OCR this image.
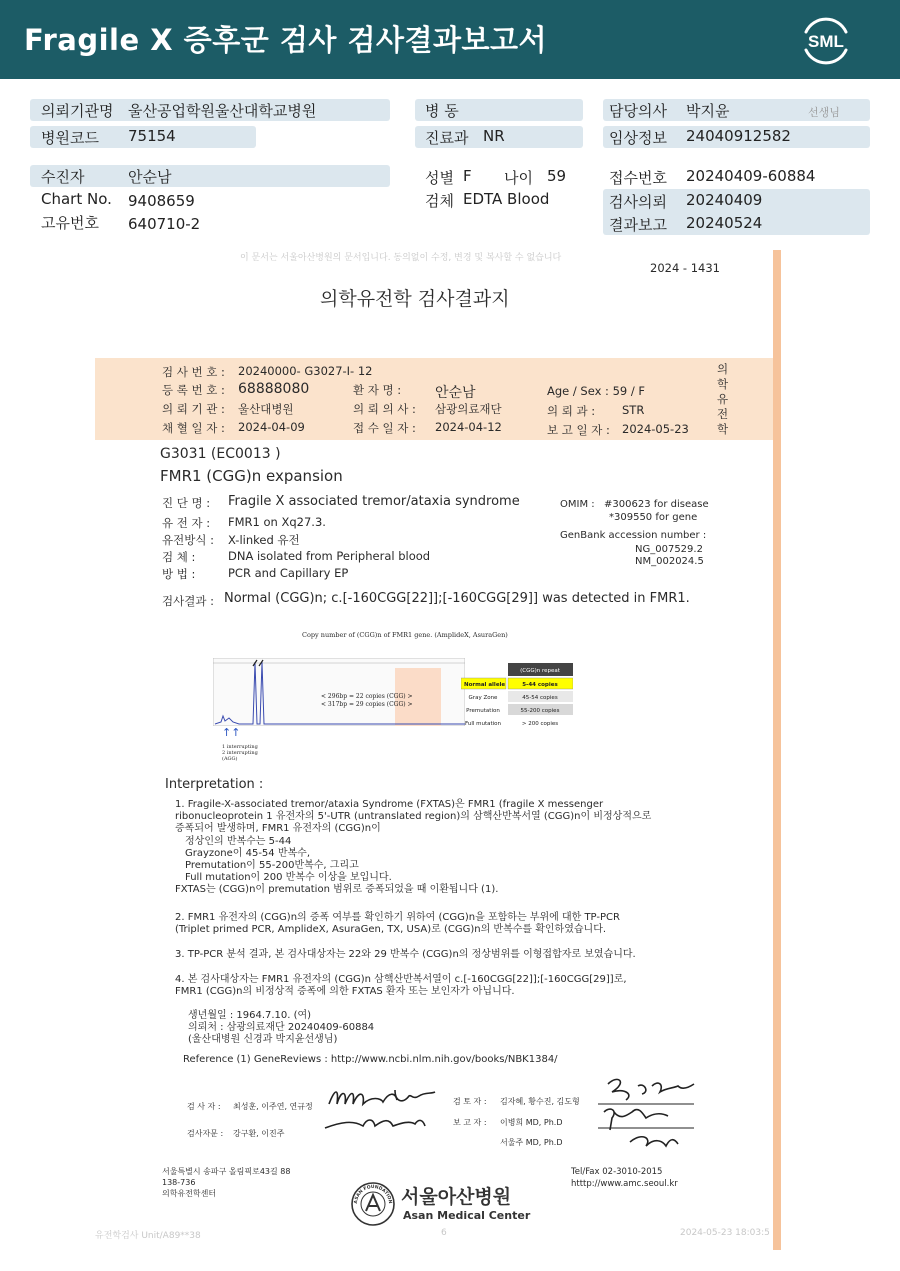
Fragile X 증후군 검사 검사결과보고서	SML
의뢰기관명 울산공업학원울산대학교병원
병원코드 75154
병 동
진료과 NR
담당의사 박지윤	선생님
임상정보 24040912582
수진자	안순남
Chart No. 9408659
고유번호 640710-2
성별 F 나이 59
검체 EDTA Blood
접수번호 20240409-60884
검사의뢰 20240409
결과보고 20240524
이 문서는 서울아산병원의 문서입니다. 동의없이 수정, 변경 및 복사할 수 없습니다
2024 - 1431
의학유전학 검사결과지
검 사 번 호 : 20240000- G3027-I- 12
등 록 번 호 : 68888080	환 자 명 : 안순남	Age / Sex : 59 / F
의 뢰 기 관 : 울산대병원	의 뢰 의 사 : 삼광의료재단	의 뢰 과 : STR
채 혈 일 자 : 2024-04-09	접 수 일 자 : 2024-04-12	보 고 일 자 : 2024-05-23
의학유전학
G3031 (EC0013 )
FMR1 (CGG)n expansion
진 단 명 : Fragile X associated tremor/ataxia syndrome
유 전 자 : FMR1 on Xq27.3.
유전방식 : X-linked 유전
검 체 :	DNA isolated from Peripheral blood
방 법 :	PCR and Capillary EP
OMIM : #300623 for disease
*309550 for gene
GenBank accession number :
NG_007529.2
NM_002024.5
검사결과 : Normal (CGG)n; c.[-160CGG[22]];[-160CGG[29]] was detected in FMR1.
Copy number of (CGG)n of FMR1 gene. (AmplideX, AsuraGen)
< 296bp = 22 copies (CGG) >
< 317bp = 29 copies (CGG) >
↑↑
1 interrupting
2 interrupting
(AGG)
(CGG)n repeat
Normal allele	5-44 copies
Gray Zone	45-54 copies
Premutation	55-200 copies
Full mutation	> 200 copies
Interpretation :
1. Fragile-X-associated tremor/ataxia Syndrome (FXTAS)은 FMR1 (fragile X messenger
ribonucleoprotein 1 유전자의 5'-UTR (untranslated region)의 삼핵산반복서열 (CGG)n이 비정상적으로
증폭되어 발생하며, FMR1 유전자의 (CGG)n이
정상인의 반복수는 5-44
Grayzone이 45-54 반복수,
Premutation이 55-200반복수, 그리고
Full mutation이 200 반복수 이상을 보입니다.
FXTAS는 (CGG)n이 premutation 범위로 증폭되었을 때 이환됩니다 (1).
2. FMR1 유전자의 (CGG)n의 증폭 여부를 확인하기 위하여 (CGG)n을 포함하는 부위에 대한 TP-PCR
(Triplet primed PCR, AmplideX, AsuraGen, TX, USA)로 (CGG)n의 반복수를 확인하였습니다.
3. TP-PCR 분석 결과, 본 검사대상자는 22와 29 반복수 (CGG)n의 정상범위를 이형접합자로 보였습니다.
4. 본 검사대상자는 FMR1 유전자의 (CGG)n 삼핵산반복서열이 c.[-160CGG[22]];[-160CGG[29]]로,
FMR1 (CGG)n의 비정상적 증폭에 의한 FXTAS 환자 또는 보인자가 아닙니다.
생년월일 : 1964.7.10. (여)
의뢰처 : 삼광의료재단 20240409-60884
(울산대병원 신경과 박지윤선생님)
Reference (1) GeneReviews : http://www.ncbi.nlm.nih.gov/books/NBK1384/
검 사 자 : 최성훈, 이주연, 연규정
검사자문 : 강구환, 이진주
검 토 자 : 김자혜, 황수진, 김도형
보 고 자 : 이병희 MD, Ph.D
서울주 MD, Ph.D
서울특별시 송파구 올림픽로43길 88
138-736
의학유전학센터
Tel/Fax 02-3010-2015
htttp://www.amc.seoul.kr
ASAN FOUNDATION 서울아산병원
Asan Medical Center
유전학검사 Unit/A89**38	6	2024-05-23 18:03:5
